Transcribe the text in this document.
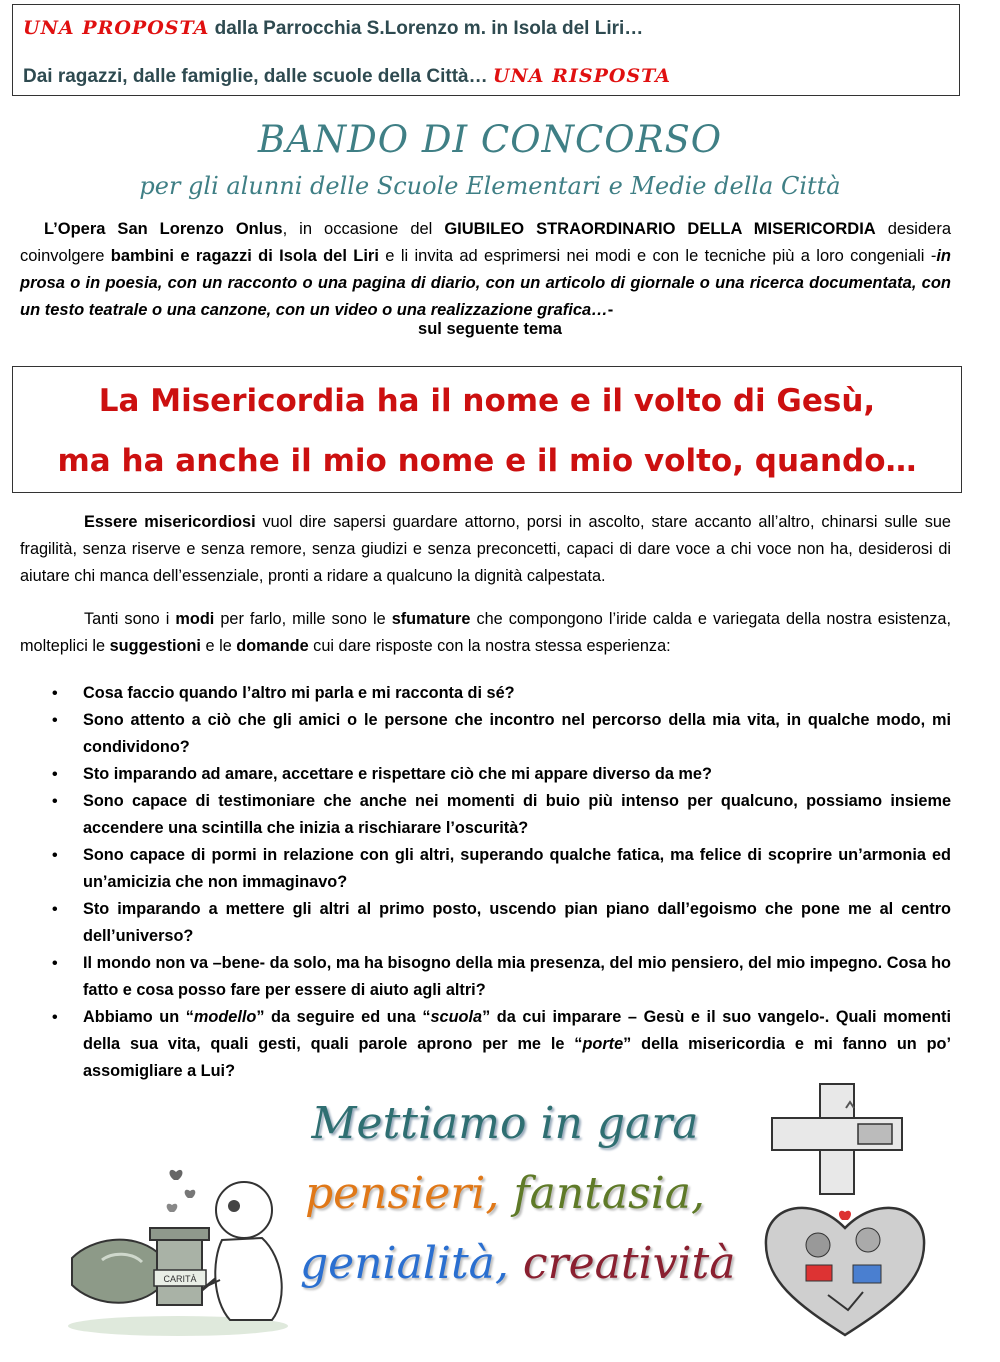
UNA PROPOSTA dalla Parrocchia S.Lorenzo m. in Isola del Liri…
Dai ragazzi, dalle famiglie, dalle scuole della Città… UNA RISPOSTA
BANDO DI CONCORSO
per gli alunni delle Scuole Elementari e Medie della Città
L’Opera San Lorenzo Onlus, in occasione del GIUBILEO STRAORDINARIO DELLA MISERICORDIA desidera coinvolgere bambini e ragazzi di Isola del Liri e li invita ad esprimersi nei modi e con le tecniche più a loro congeniali -in prosa o in poesia, con un racconto o una pagina di diario, con un articolo di giornale o una ricerca documentata, con un testo teatrale o una canzone, con un video o una realizzazione grafica…-
sul seguente tema
La Misericordia ha il nome e il volto di Gesù,
ma ha anche il mio nome e il mio volto, quando…
Essere misericordiosi vuol dire sapersi guardare attorno, porsi in ascolto, stare accanto all’altro, chinarsi sulle sue fragilità, senza riserve e senza remore, senza giudizi e senza preconcetti, capaci di dare voce a chi voce non ha, desiderosi di aiutare chi manca dell’essenziale, pronti a ridare a qualcuno la dignità calpestata.
Tanti sono i modi per farlo, mille sono le sfumature che compongono l’iride calda e variegata della nostra esistenza, molteplici le suggestioni e le domande cui dare risposte con la nostra stessa esperienza:
• Cosa faccio quando l’altro mi parla e mi racconta di sé?
• Sono attento a ciò che gli amici o le persone che incontro nel percorso della mia vita, in qualche modo, mi condividono?
• Sto imparando ad amare, accettare e rispettare ciò che mi appare diverso da me?
• Sono capace di testimoniare che anche nei momenti di buio più intenso per qualcuno, possiamo insieme accendere una scintilla che inizia a rischiarare l’oscurità?
• Sono capace di pormi in relazione con gli altri, superando qualche fatica, ma felice di scoprire un’armonia ed un’amicizia che non immaginavo?
• Sto imparando a mettere gli altri al primo posto, uscendo pian piano dall’egoismo che pone me al centro dell’universo?
• Il mondo non va –bene- da solo, ma ha bisogno della mia presenza, del mio pensiero, del mio impegno. Cosa ho fatto e cosa posso fare per essere di aiuto agli altri?
• Abbiamo un “modello” da seguire ed una “scuola” da cui imparare – Gesù e il suo vangelo-. Quali momenti della sua vita, quali gesti, quali parole aprono per me le “porte” della misericordia e mi fanno un po’ assomigliare a Lui?
Mettiamo in gara
pensieri, fantasia,
genialità, creatività
CARITÀ
